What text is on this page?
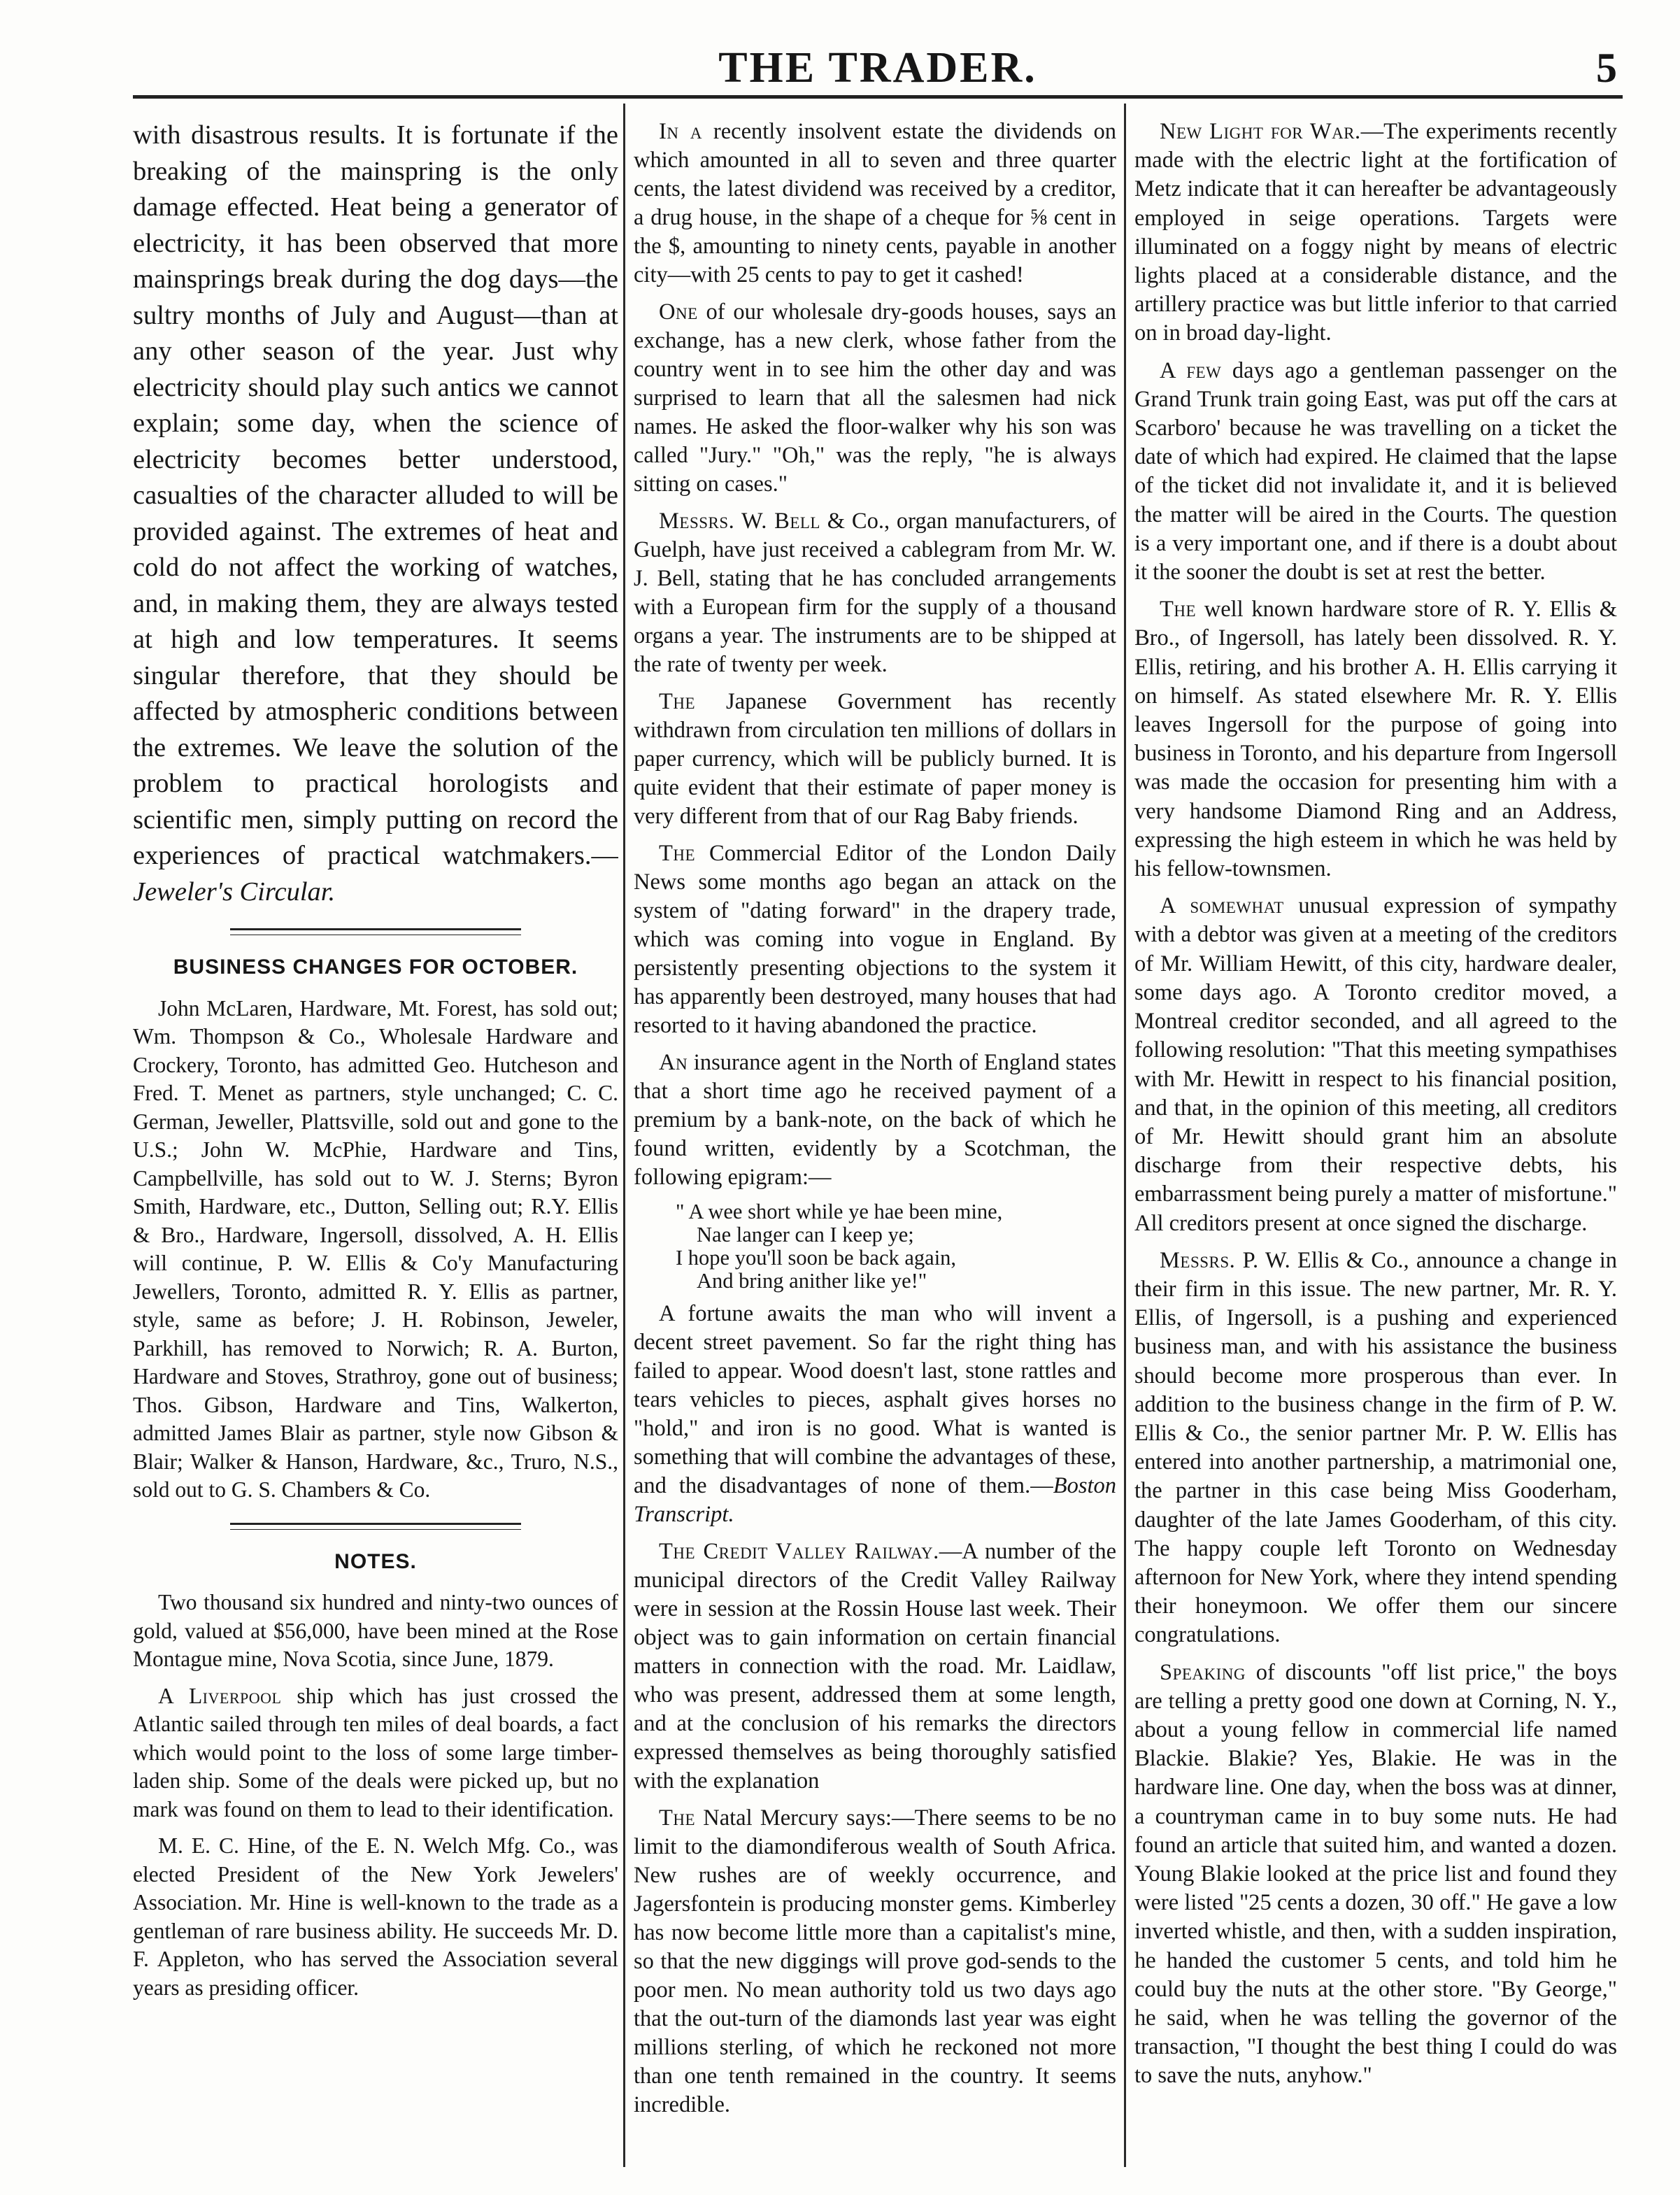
THE TRADER.	5

with disastrous results. It is fortunate if the breaking of the mainspring is the only damage effected. Heat being a generator of electricity, it has been observed that more mainsprings break during the dog days—the sultry months of July and August—than at any other season of the year. Just why electricity should play such antics we cannot explain; some day, when the science of electricity becomes better understood, casualties of the character alluded to will be provided against. The extremes of heat and cold do not affect the working of watches, and, in making them, they are always tested at high and low temperatures. It seems singular therefore, that they should be affected by atmospheric conditions between the extremes. We leave the solution of the problem to practical horologists and scientific men, simply putting on record the experiences of practical watchmakers.—Jeweler's Circular.

BUSINESS CHANGES FOR OCTOBER.

John McLaren, Hardware, Mt. Forest, has sold out; Wm. Thompson & Co., Wholesale Hardware and Crockery, Toronto, has admitted Geo. Hutcheson and Fred. T. Menet as partners, style unchanged; C. C. German, Jeweller, Plattsville, sold out and gone to the U.S.; John W. McPhie, Hardware and Tins, Campbellville, has sold out to W. J. Sterns; Byron Smith, Hardware, etc., Dutton, Selling out; R.Y. Ellis & Bro., Hardware, Ingersoll, dissolved, A. H. Ellis will continue, P. W. Ellis & Co'y Manufacturing Jewellers, Toronto, admitted R. Y. Ellis as partner, style, same as before; J. H. Robinson, Jeweler, Parkhill, has removed to Norwich; R. A. Burton, Hardware and Stoves, Strathroy, gone out of business; Thos. Gibson, Hardware and Tins, Walkerton, admitted James Blair as partner, style now Gibson & Blair; Walker & Hanson, Hardware, &c., Truro, N.S., sold out to G. S. Chambers & Co.

NOTES.

Two thousand six hundred and ninty-two ounces of gold, valued at $56,000, have been mined at the Rose Montague mine, Nova Scotia, since June, 1879.

A Liverpool ship which has just crossed the Atlantic sailed through ten miles of deal boards, a fact which would point to the loss of some large timber-laden ship. Some of the deals were picked up, but no mark was found on them to lead to their identification.

M. E. C. Hine, of the E. N. Welch Mfg. Co., was elected President of the New York Jewelers' Association. Mr. Hine is well-known to the trade as a gentleman of rare business ability. He succeeds Mr. D. F. Appleton, who has served the Association several years as presiding officer.

In a recently insolvent estate the dividends on which amounted in all to seven and three quarter cents, the latest dividend was received by a creditor, a drug house, in the shape of a cheque for ⅝ cent in the $, amounting to ninety cents, payable in another city—with 25 cents to pay to get it cashed!

One of our wholesale dry-goods houses, says an exchange, has a new clerk, whose father from the country went in to see him the other day and was surprised to learn that all the salesmen had nick names. He asked the floor-walker why his son was called "Jury." "Oh," was the reply, "he is always sitting on cases."

Messrs. W. Bell & Co., organ manufacturers, of Guelph, have just received a cablegram from Mr. W. J. Bell, stating that he has concluded arrangements with a European firm for the supply of a thousand organs a year. The instruments are to be shipped at the rate of twenty per week.

The Japanese Government has recently withdrawn from circulation ten millions of dollars in paper currency, which will be publicly burned. It is quite evident that their estimate of paper money is very different from that of our Rag Baby friends.

The Commercial Editor of the London Daily News some months ago began an attack on the system of "dating forward" in the drapery trade, which was coming into vogue in England. By persistently presenting objections to the system it has apparently been destroyed, many houses that had resorted to it having abandoned the practice.

An insurance agent in the North of England states that a short time ago he received payment of a premium by a bank-note, on the back of which he found written, evidently by a Scotchman, the following epigram:—

" A wee short while ye hae been mine,
Nae langer can I keep ye;
I hope you'll soon be back again,
And bring anither like ye!"

A fortune awaits the man who will invent a decent street pavement. So far the right thing has failed to appear. Wood doesn't last, stone rattles and tears vehicles to pieces, asphalt gives horses no "hold," and iron is no good. What is wanted is something that will combine the advantages of these, and the disadvantages of none of them.—Boston Transcript.

The Credit Valley Railway.—A number of the municipal directors of the Credit Valley Railway were in session at the Rossin House last week. Their object was to gain information on certain financial matters in connection with the road. Mr. Laidlaw, who was present, addressed them at some length, and at the conclusion of his remarks the directors expressed themselves as being thoroughly satisfied with the explanation

The Natal Mercury says:—There seems to be no limit to the diamondiferous wealth of South Africa. New rushes are of weekly occurrence, and Jagersfontein is producing monster gems. Kimberley has now become little more than a capitalist's mine, so that the new diggings will prove god-sends to the poor men. No mean authority told us two days ago that the out-turn of the diamonds last year was eight millions sterling, of which he reckoned not more than one tenth remained in the country. It seems incredible.

New Light for War.—The experiments recently made with the electric light at the fortification of Metz indicate that it can hereafter be advantageously employed in seige operations. Targets were illuminated on a foggy night by means of electric lights placed at a considerable distance, and the artillery practice was but little inferior to that carried on in broad day-light.

A few days ago a gentleman passenger on the Grand Trunk train going East, was put off the cars at Scarboro' because he was travelling on a ticket the date of which had expired. He claimed that the lapse of the ticket did not invalidate it, and it is believed the matter will be aired in the Courts. The question is a very important one, and if there is a doubt about it the sooner the doubt is set at rest the better.

The well known hardware store of R. Y. Ellis & Bro., of Ingersoll, has lately been dissolved. R. Y. Ellis, retiring, and his brother A. H. Ellis carrying it on himself. As stated elsewhere Mr. R. Y. Ellis leaves Ingersoll for the purpose of going into business in Toronto, and his departure from Ingersoll was made the occasion for presenting him with a very handsome Diamond Ring and an Address, expressing the high esteem in which he was held by his fellow-townsmen.

A somewhat unusual expression of sympathy with a debtor was given at a meeting of the creditors of Mr. William Hewitt, of this city, hardware dealer, some days ago. A Toronto creditor moved, a Montreal creditor seconded, and all agreed to the following resolution: "That this meeting sympathises with Mr. Hewitt in respect to his financial position, and that, in the opinion of this meeting, all creditors of Mr. Hewitt should grant him an absolute discharge from their respective debts, his embarrassment being purely a matter of misfortune." All creditors present at once signed the discharge.

Messrs. P. W. Ellis & Co., announce a change in their firm in this issue. The new partner, Mr. R. Y. Ellis, of Ingersoll, is a pushing and experienced business man, and with his assistance the business should become more prosperous than ever. In addition to the business change in the firm of P. W. Ellis & Co., the senior partner Mr. P. W. Ellis has entered into another partnership, a matrimonial one, the partner in this case being Miss Gooderham, daughter of the late James Gooderham, of this city. The happy couple left Toronto on Wednesday afternoon for New York, where they intend spending their honeymoon. We offer them our sincere congratulations.

Speaking of discounts "off list price," the boys are telling a pretty good one down at Corning, N. Y., about a young fellow in commercial life named Blackie. Blakie? Yes, Blakie. He was in the hardware line. One day, when the boss was at dinner, a countryman came in to buy some nuts. He had found an article that suited him, and wanted a dozen. Young Blakie looked at the price list and found they were listed "25 cents a dozen, 30 off." He gave a low inverted whistle, and then, with a sudden inspiration, he handed the customer 5 cents, and told him he could buy the nuts at the other store. "By George," he said, when he was telling the governor of the transaction, "I thought the best thing I could do was to save the nuts, anyhow."
